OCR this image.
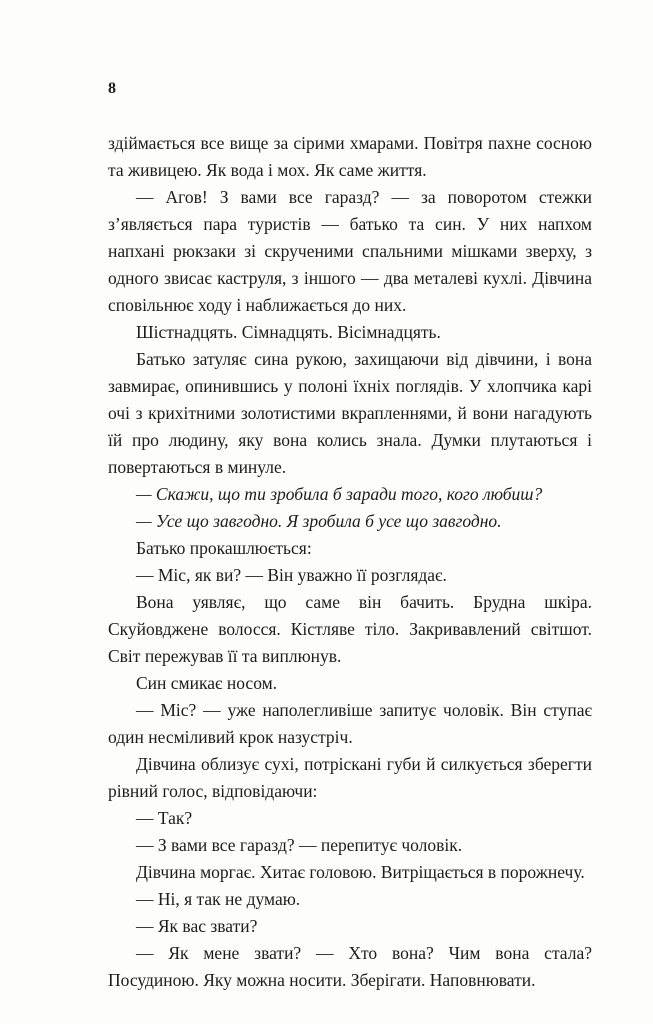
8

здіймається все вище за сірими хмарами. Повітря пахне сосною та живицею. Як вода і мох. Як саме життя.

— Агов! З вами все гаразд? — за поворотом стежки з’являється пара туристів — батько та син. У них напхом напхані рюкзаки зі скрученими спальними мішками зверху, з одного звисає каструля, з іншого — два металеві кухлі. Дівчина сповільнює ходу і наближається до них.

Шістнадцять. Сімнадцять. Вісімнадцять.

Батько затуляє сина рукою, захищаючи від дівчини, і вона завмирає, опинившись у полоні їхніх поглядів. У хлопчика карі очі з крихітними золотистими вкрапленнями, й вони нагадують їй про людину, яку вона колись знала. Думки плутаються і повертаються в минуле.

— Скажи, що ти зробила б заради того, кого любиш?

— Усе що завгодно. Я зробила б усе що завгодно.

Батько прокашлюється:

— Міс, як ви? — Він уважно її розглядає.

Вона уявляє, що саме він бачить. Брудна шкіра. Скуйовджене волосся. Кістляве тіло. Закривавлений світшот. Світ пережував її та виплюнув.

Син смикає носом.

— Міс? — уже наполегливіше запитує чоловік. Він ступає один несміливий крок назустріч.

Дівчина облизує сухі, потріскані губи й силкується зберегти рівний голос, відповідаючи:

— Так?

— З вами все гаразд? — перепитує чоловік.

Дівчина моргає. Хитає головою. Витріщається в порожнечу.

— Ні, я так не думаю.

— Як вас звати?

— Як мене звати? — Хто вона? Чим вона стала? Посудиною. Яку можна носити. Зберігати. Наповнювати.
